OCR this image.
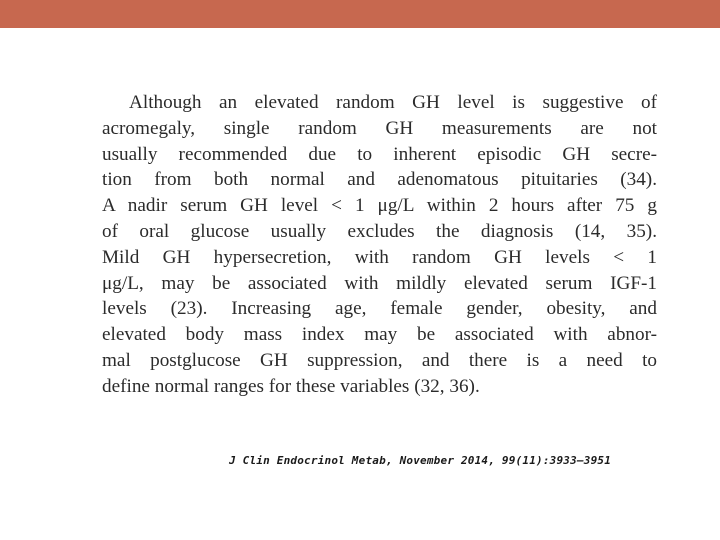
Although an elevated random GH level is suggestive of
acromegaly, single random GH measurements are not
usually recommended due to inherent episodic GH secre-
tion from both normal and adenomatous pituitaries (34).
A nadir serum GH level < 1 μg/L within 2 hours after 75 g
of oral glucose usually excludes the diagnosis (14, 35).
Mild GH hypersecretion, with random GH levels < 1
μg/L, may be associated with mildly elevated serum IGF-1
levels (23). Increasing age, female gender, obesity, and
elevated body mass index may be associated with abnor-
mal postglucose GH suppression, and there is a need to
define normal ranges for these variables (32, 36).
J Clin Endocrinol Metab, November 2014, 99(11):3933–3951
